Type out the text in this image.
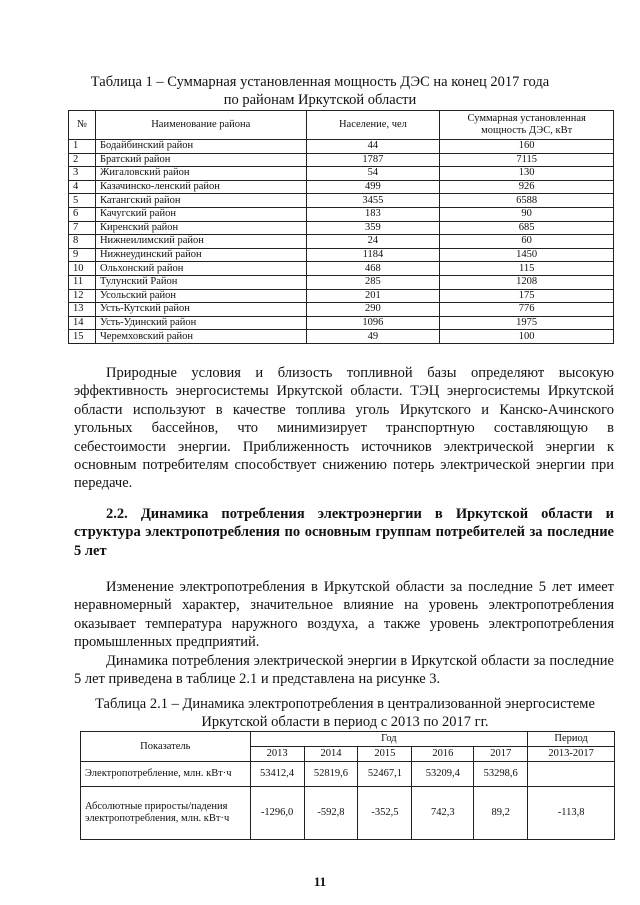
Таблица 1 – Суммарная установленная мощность ДЭС на конец 2017 года
по районам Иркутской области
№	Наименование района	Население, чел	Суммарная установленная мощность ДЭС, кВт
1	Бодайбинский район	44	160
2	Братский район	1787	7115
3	Жигаловский район	54	130
4	Казачинско-ленский район	499	926
5	Катангский район	3455	6588
6	Качугский район	183	90
7	Киренский район	359	685
8	Нижнеилимский район	24	60
9	Нижнеудинский район	1184	1450
10	Ольхонский район	468	115
11	Тулунский Район	285	1208
12	Усольский район	201	175
13	Усть-Кутский район	290	776
14	Усть-Удинский район	1096	1975
15	Черемховский район	49	100

Природные условия и близость топливной базы определяют высокую эффективность энергосистемы Иркутской области. ТЭЦ энергосистемы Иркутской области используют в качестве топлива уголь Иркутского и Канско-Ачинского угольных бассейнов, что минимизирует транспортную составляющую в себестоимости энергии. Приближенность источников электрической энергии к основным потребителям способствует снижению потерь электрической энергии при передаче.

2.2. Динамика потребления электроэнергии в Иркутской области и структура электропотребления по основным группам потребителей за последние 5 лет

Изменение электропотребления в Иркутской области за последние 5 лет имеет неравномерный характер, значительное влияние на уровень электропотребления оказывает температура наружного воздуха, а также уровень электропотребления промышленных предприятий.

Динамика потребления электрической энергии в Иркутской области за последние 5 лет приведена в таблице 2.1 и представлена на рисунке 3.

Таблица 2.1 – Динамика электропотребления в централизованной энергосистеме
Иркутской области в период с 2013 по 2017 гг.
Показатель	Год					Период
	2013	2014	2015	2016	2017	2013-2017
Электропотребление, млн. кВт·ч	53412,4	52819,6	52467,1	53209,4	53298,6	
Абсолютные приросты/падения электропотребления, млн. кВт·ч	-1296,0	-592,8	-352,5	742,3	89,2	-113,8
11
